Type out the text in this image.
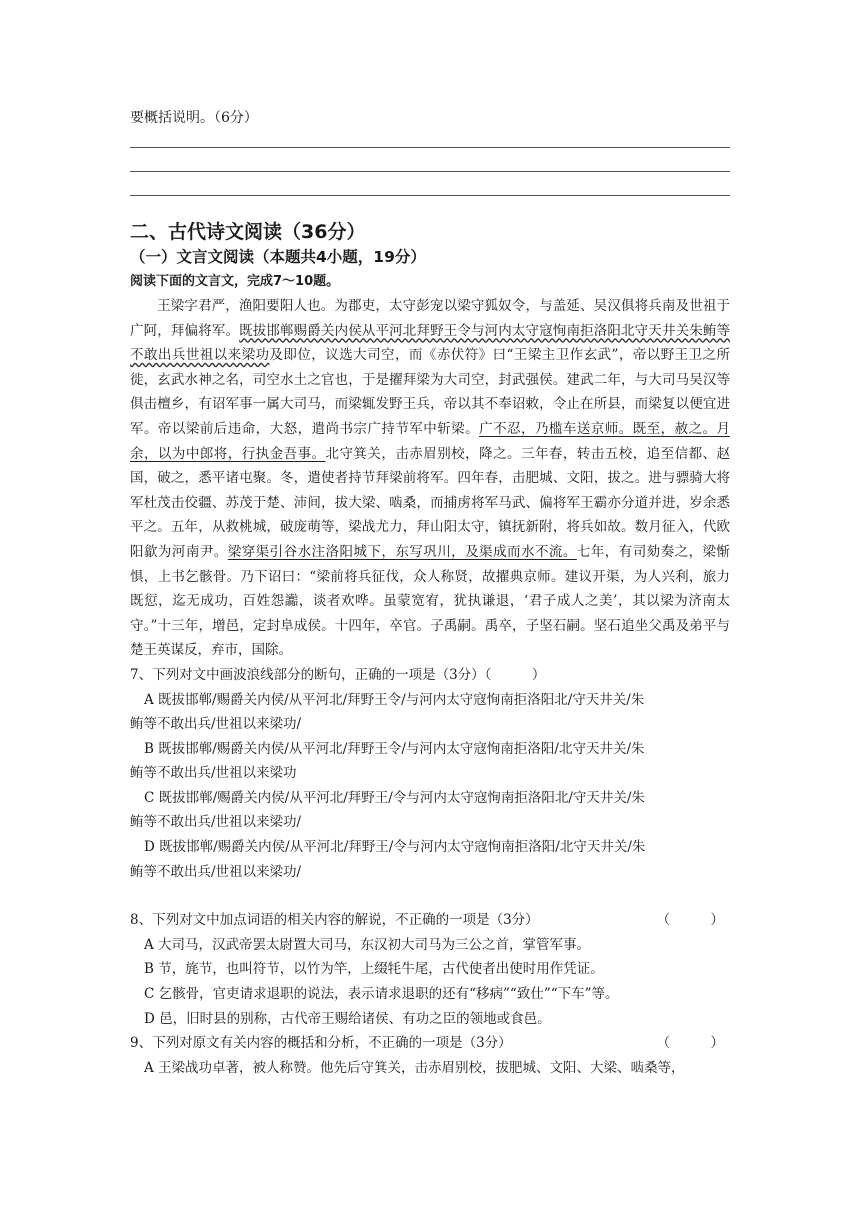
要概括说明。（6分）
二、古代诗文阅读（36分）
（一）文言文阅读（本题共4小题，19分）
阅读下面的文言文，完成7～10题。
王梁字君严，渔阳要阳人也。为郡吏，太守彭宠以梁守狐奴令，与盖延、吴汉俱将兵南及世祖于广阿，拜偏将军。既拔邯郸赐爵关内侯从平河北拜野王令与河内太守寇恂南拒洛阳北守天井关朱鲔等不敢出兵世祖以来梁功及即位，议选大司空，而《赤伏符》曰“王梁主卫作玄武”，帝以野王卫之所徙，玄武水神之名，司空水土之官也，于是擢拜梁为大司空，封武强侯。建武二年，与大司马吴汉等俱击檀乡，有诏军事一属大司马，而梁辄发野王兵，帝以其不奉诏敕，令止在所县，而梁复以便宜进军。帝以梁前后违命，大怒，遣尚书宗广持节军中斩梁。广不忍，乃槛车送京师。既至，赦之。月余，以为中郎将，行执金吾事。北守箕关，击赤眉别校，降之。三年春，转击五校，追至信都、赵国，破之，悉平诸屯聚。冬，遣使者持节拜梁前将军。四年春，击肥城、文阳，拔之。进与骠骑大将军杜茂击佼疆、苏茂于楚、沛间，拔大梁、啮桑，而捕虏将军马武、偏将军王霸亦分道并进，岁余悉平之。五年，从救桃城，破庞萌等，梁战尤力，拜山阳太守，镇抚新附，将兵如故。数月征入，代欧阳歙为河南尹。梁穿渠引谷水注洛阳城下，东写巩川，及渠成而水不流。七年，有司劾奏之，梁惭惧，上书乞骸骨。乃下诏曰：“梁前将兵征伐，众人称贤，故擢典京师。建议开渠，为人兴利，旅力既愆，迄无成功，百姓怨讟，谈者欢哗。虽蒙宽宥，犹执谦退，‘君子成人之美’，其以梁为济南太守。”十三年，增邑，定封阜成侯。十四年，卒官。子禹嗣。禹卒，子坚石嗣。坚石追坐父禹及弟平与楚王英谋反，弃市，国除。
7、下列对文中画波浪线部分的断句，正确的一项是（3分）（　　　）
A 既拔邯郸/赐爵关内侯/从平河北/拜野王令/与河内太守寇恂南拒洛阳北/守天井关/朱
鲔等不敢出兵/世祖以来梁功/
B 既拔邯郸/赐爵关内侯/从平河北/拜野王令/与河内太守寇恂南拒洛阳/北守天井关/朱
鲔等不敢出兵/世祖以来梁功
C 既拔邯郸/赐爵关内侯/从平河北/拜野王/令与河内太守寇恂南拒洛阳北/守天井关/朱
鲔等不敢出兵/世祖以来梁功/
D 既拔邯郸/赐爵关内侯/从平河北/拜野王/令与河内太守寇恂南拒洛阳/北守天井关/朱
鲔等不敢出兵/世祖以来梁功/
8、下列对文中加点词语的相关内容的解说，不正确的一项是（3分）	（　　　）
A 大司马，汉武帝罢太尉置大司马，东汉初大司马为三公之首，掌管军事。
B 节，旄节，也叫符节，以竹为竿，上缀牦牛尾，古代使者出使时用作凭证。
C 乞骸骨，官吏请求退职的说法，表示请求退职的还有“移病”“致仕”“下车”等。
D 邑，旧时县的别称，古代帝王赐给诸侯、有功之臣的领地或食邑。
9、下列对原文有关内容的概括和分析，不正确的一项是（3分）	（　　　）
A 王梁战功卓著，被人称赞。他先后守箕关，击赤眉别校，拔肥城、文阳、大梁、啮桑等，
